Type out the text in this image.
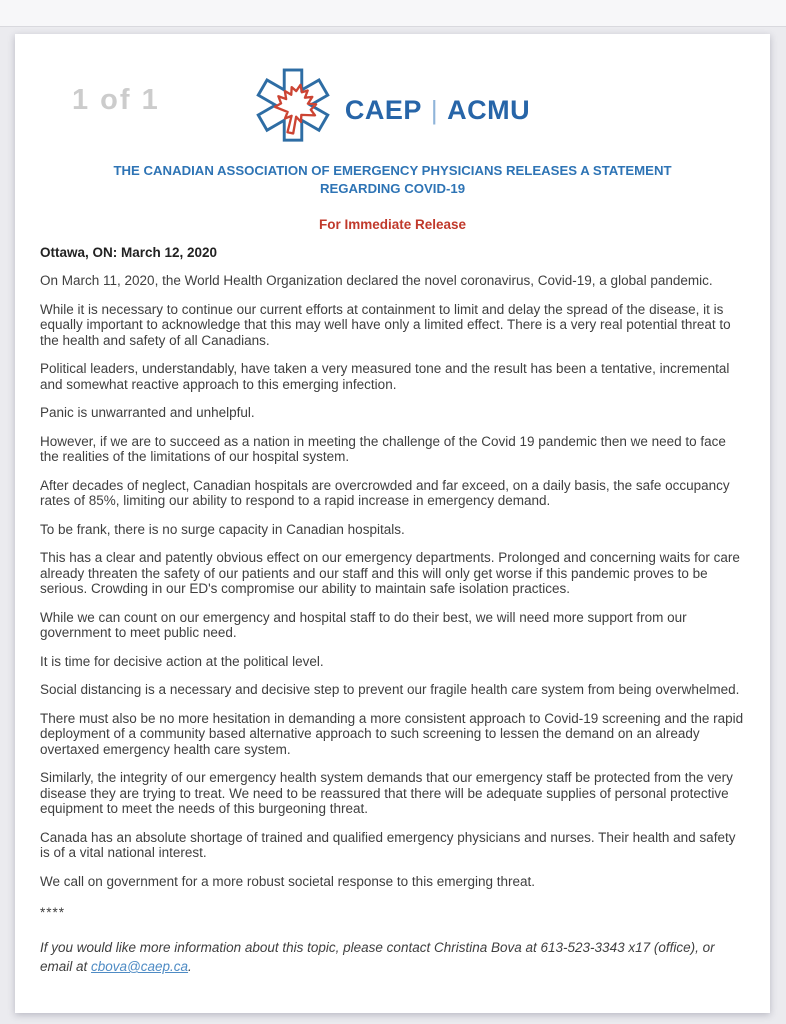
1 of 1	CAEP | ACMU
THE CANADIAN ASSOCIATION OF EMERGENCY PHYSICIANS RELEASES A STATEMENT
REGARDING COVID-19
For Immediate Release
Ottawa, ON: March 12, 2020

On March 11, 2020, the World Health Organization declared the novel coronavirus, Covid-19, a global pandemic.

While it is necessary to continue our current efforts at containment to limit and delay the spread of the disease, it is equally important to acknowledge that this may well have only a limited effect. There is a very real potential threat to the health and safety of all Canadians.

Political leaders, understandably, have taken a very measured tone and the result has been a tentative, incremental and somewhat reactive approach to this emerging infection.

Panic is unwarranted and unhelpful.

However, if we are to succeed as a nation in meeting the challenge of the Covid 19 pandemic then we need to face the realities of the limitations of our hospital system.

After decades of neglect, Canadian hospitals are overcrowded and far exceed, on a daily basis, the safe occupancy rates of 85%, limiting our ability to respond to a rapid increase in emergency demand.

To be frank, there is no surge capacity in Canadian hospitals.

This has a clear and patently obvious effect on our emergency departments. Prolonged and concerning waits for care already threaten the safety of our patients and our staff and this will only get worse if this pandemic proves to be serious. Crowding in our ED's compromise our ability to maintain safe isolation practices.

While we can count on our emergency and hospital staff to do their best, we will need more support from our government to meet public need.

It is time for decisive action at the political level.

Social distancing is a necessary and decisive step to prevent our fragile health care system from being overwhelmed.

There must also be no more hesitation in demanding a more consistent approach to Covid-19 screening and the rapid deployment of a community based alternative approach to such screening to lessen the demand on an already overtaxed emergency health care system.

Similarly, the integrity of our emergency health system demands that our emergency staff be protected from the very disease they are trying to treat. We need to be reassured that there will be adequate supplies of personal protective equipment to meet the needs of this burgeoning threat.

Canada has an absolute shortage of trained and qualified emergency physicians and nurses. Their health and safety is of a vital national interest.

We call on government for a more robust societal response to this emerging threat.

****
If you would like more information about this topic, please contact Christina Bova at 613-523-3343 x17 (office), or email at cbova@caep.ca.
